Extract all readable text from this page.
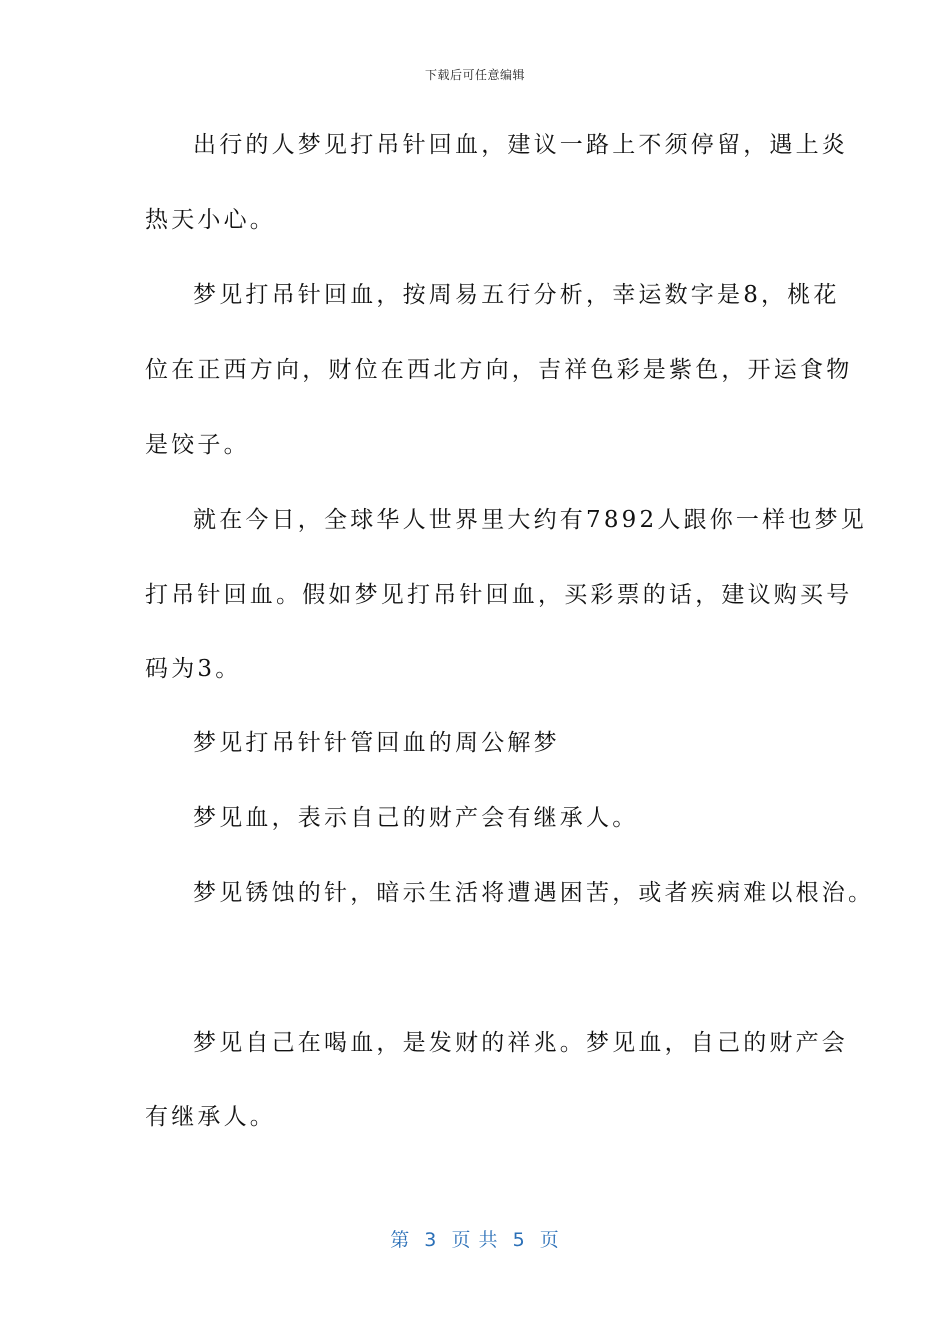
下载后可任意编辑
出行的人梦见打吊针回血，建议一路上不须停留，遇上炎
热天小心。
梦见打吊针回血，按周易五行分析，幸运数字是8，桃花
位在正西方向，财位在西北方向，吉祥色彩是紫色，开运食物
是饺子。
就在今日，全球华人世界里大约有7892人跟你一样也梦见
打吊针回血。假如梦见打吊针回血，买彩票的话，建议购买号
码为3。
梦见打吊针针管回血的周公解梦
梦见血，表示自己的财产会有继承人。
梦见锈蚀的针，暗示生活将遭遇困苦，或者疾病难以根治。
梦见自己在喝血，是发财的祥兆。梦见血，自己的财产会
有继承人。
第  3  页 共  5  页
